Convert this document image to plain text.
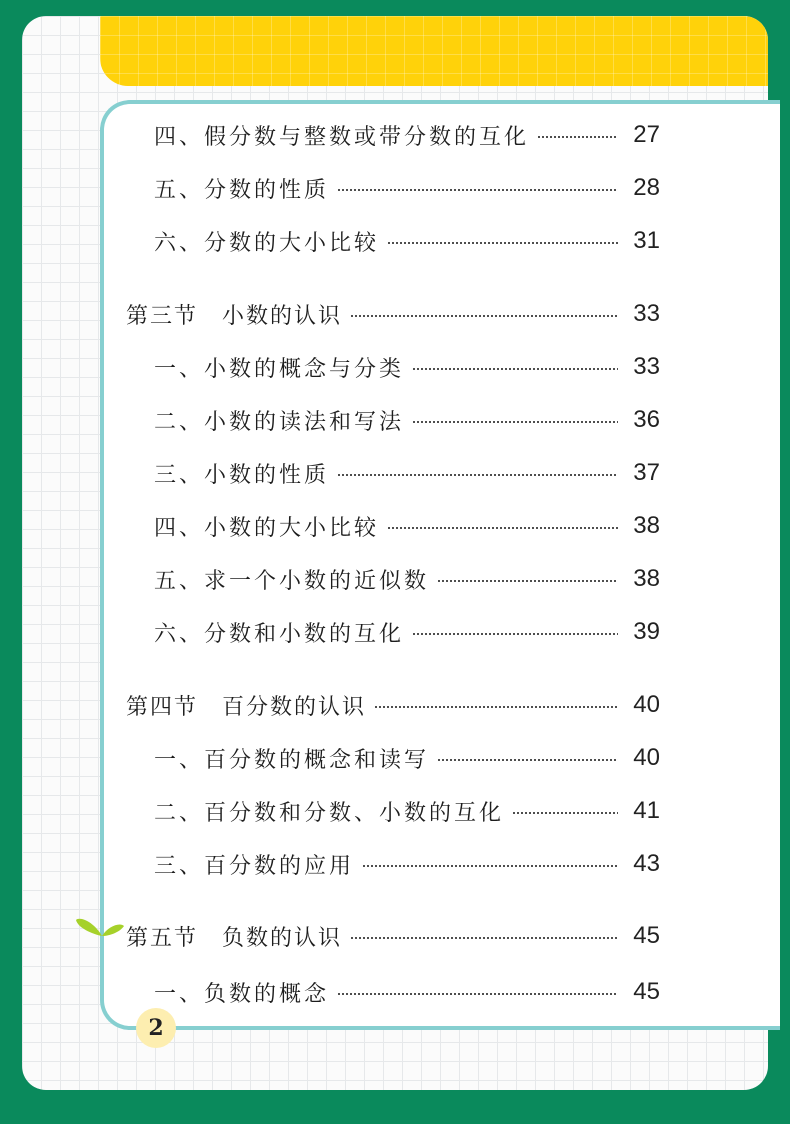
四、假分数与整数或带分数的互化	27
五、分数的性质	28
六、分数的大小比较	31
第三节　小数的认识	33
一、小数的概念与分类	33
二、小数的读法和写法	36
三、小数的性质	37
四、小数的大小比较	38
五、求一个小数的近似数	38
六、分数和小数的互化	39
第四节　百分数的认识	40
一、百分数的概念和读写	40
二、百分数和分数、小数的互化	41
三、百分数的应用	43
第五节　负数的认识	45
一、负数的概念	45
2
